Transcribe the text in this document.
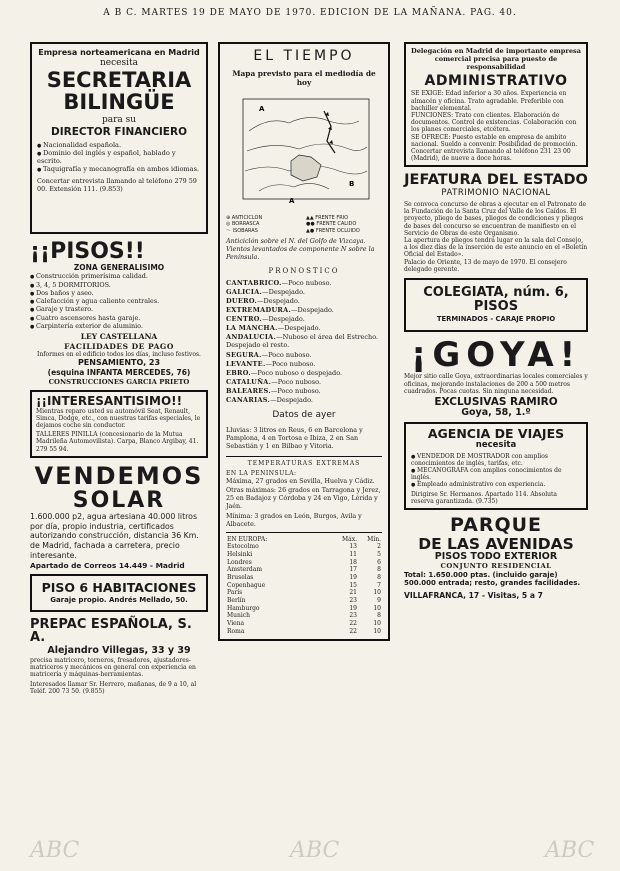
A B C. MARTES 19 DE MAYO DE 1970. EDICION DE LA MAÑANA. PAG. 40.
Empresa norteamericana en Madrid
necesita
SECRETARIA
BILINGÜE
para su
DIRECTOR FINANCIERO
● Nacionalidad española.
● Dominio del inglés y español, hablado y escrito.
● Taquigrafía y mecanografía en ambos idiomas.
Concertar entrevista llamando al teléfono 279 59 00. Extensión 111. (9.853)
¡¡PISOS!!
ZONA GENERALISIMO
● Construcción primerísima calidad.
● 3, 4, 5 DORMITORIOS.
● Dos baños y aseo.
● Calefacción y agua caliente centrales.
● Garaje y trastero.
● Cuatro ascensores hasta garaje.
● Carpintería exterior de aluminio.
LEY CASTELLANA
FACILIDADES DE PAGO
Informes en el edificio todos los días, incluso festivos.
PENSAMIENTO, 23
(esquina INFANTA MERCEDES, 76)
CONSTRUCCIONES GARCIA PRIETO
¡¡INTERESANTISIMO!!
Mientras reparo usted su automóvil Seat, Renault, Simca, Dodge, etc., con nuestras tarifas especiales, le dejamos coche sin conductor.
TALLERES PINILLA (concesionario de la Mutua Madrileña Automovilista). Carpa, Blanco Argibay, 41. 279 55 94.
VENDEMOS
SOLAR
1.600.000 p2, agua artesiana 40.000 litros por día, propio industria, certificados autorizando construcción, distancia 36 Km. de Madrid, fachada a carretera, precio interesante.
Apartado de Correos 14.449 - Madrid
PISO 6 HABITACIONES
Garaje propio. Andrés Mellado, 50.
PREPAC ESPAÑOLA, S. A.
Alejandro Villegas, 33 y 39
precisa matricero, torneros, fresadores, ajustadores-matriceros y mecánicos en general con experiencia en matricería y máquinas-herramientas.
Interesados llamar Sr. Herrero, mañanas, de 9 a 10, al Teléf. 200 73 50. (9.855)
EL TIEMPO
Mapa previsto para el mediodía de hoy
A
B
A
⊕ ANTICICLON
◎ BORRASCA
～ ISOBARAS
▲▲ FRENTE FRIO
●● FRENTE CALIDO
▲● FRENTE OCLUIDO
Anticiclón sobre el N. del Golfo de Vizcaya. Vientos levantados de componente N sobre la Península.
PRONOSTICO
CANTABRICO.—Poco nuboso.
GALICIA.—Despejado.
DUERO.—Despejado.
EXTREMADURA.—Despejado.
CENTRO.—Despejado.
LA MANCHA.—Despejado.
ANDALUCIA.—Nuboso el área del Estrecho. Despejado el resto.
SEGURA.—Poco nuboso.
LEVANTE.—Poco nuboso.
EBRO.—Poco nuboso o despejado.
CATALUÑA.—Poco nuboso.
BALEARES.—Poco nuboso.
CANARIAS.—Despejado.
Datos de ayer
Lluvias: 3 litros en Reus, 6 en Barcelona y Pamplona, 4 en Tortosa e Ibiza, 2 en San Sebastián y 1 en Bilbao y Vitoria.
TEMPERATURAS EXTREMAS
EN LA PENINSULA:
Máxima, 27 grados en Sevilla, Huelva y Cádiz.
Otras máximas: 26 grados en Tarragona y Jerez, 25 en Badajoz y Córdoba y 24 en Vigo, Lérida y Jaén.
Mínima: 3 grados en León, Burgos, Avila y Albacete.
EN EUROPA:	Máx.	Mín.
Estocolmo	13	2
Helsinki	11	5
Londres	18	6
Amsterdam	17	8
Bruselas	19	8
Copenhague	15	7
París	21	10
Berlín	23	9
Hamburgo	19	10
Munich	23	8
Viena	22	10
Roma	22	10
Delegación en Madrid de importante empresa comercial precisa para puesto de responsabilidad
ADMINISTRATIVO
SE EXIGE: Edad inferior a 30 años. Experiencia en almacén y oficina. Trato agradable. Preferible con bachiller elemental.
FUNCIONES: Trato con clientes. Elaboración de documentos. Control de existencias. Colaboración con los planes comerciales, etcétera.
SE OFRECE: Puesto estable en empresa de ambito nacional. Sueldo a convenir. Posibilidad de promoción.
Concertar entrevista llamando al teléfono 231 23 00 (Madrid), de nueve a doce horas.
JEFATURA DEL ESTADO
PATRIMONIO NACIONAL
Se convoca concurso de obras a ejecutar en el Patronato de la Fundación de la Santa Cruz del Valle de los Caídos. El proyecto, pliego de bases, pliegos de condiciones y pliegos de bases del concurso se encuentran de manifiesto en el Servicio de Obras de este Organismo.
La apertura de pliegos tendrá lugar en la sala del Consejo, a los diez días de la inserción de este anuncio en el «Boletín Oficial del Estado».
Palacio de Oriente, 13 de mayo de 1970. El consejero delegado gerente.
COLEGIATA, núm. 6, PISOS
TERMINADOS - CARAJE PROPIO
¡GOYA!
Mejor sitio calle Goya, extraordinarias locales comerciales y oficinas, mejorando instalaciones de 200 a 500 metros cuadrados. Pocas cuotas. Sin ninguna necesidad.
EXCLUSIVAS RAMIRO
Goya, 58, 1.º
AGENCIA DE VIAJES
necesita
● VENDEDOR DE MOSTRADOR con amplios conocimientos de inglés, tarifas, etc.
● MECANOGRAFA con amplios conocimientos de inglés.
● Empleado administrativo con experiencia.
Dirigirse Sr. Hermanos. Apartado 114. Absoluta reserva garantizada. (9.735)
PARQUE
DE LAS AVENIDAS
PISOS TODO EXTERIOR
CONJUNTO RESIDENCIAL
Total: 1.650.000 ptas. (incluido garaje) 500.000 entrada; resto, grandes facilidades.
VILLAFRANCA, 17 - Visitas, 5 a 7
ABC	ABC	ABC
